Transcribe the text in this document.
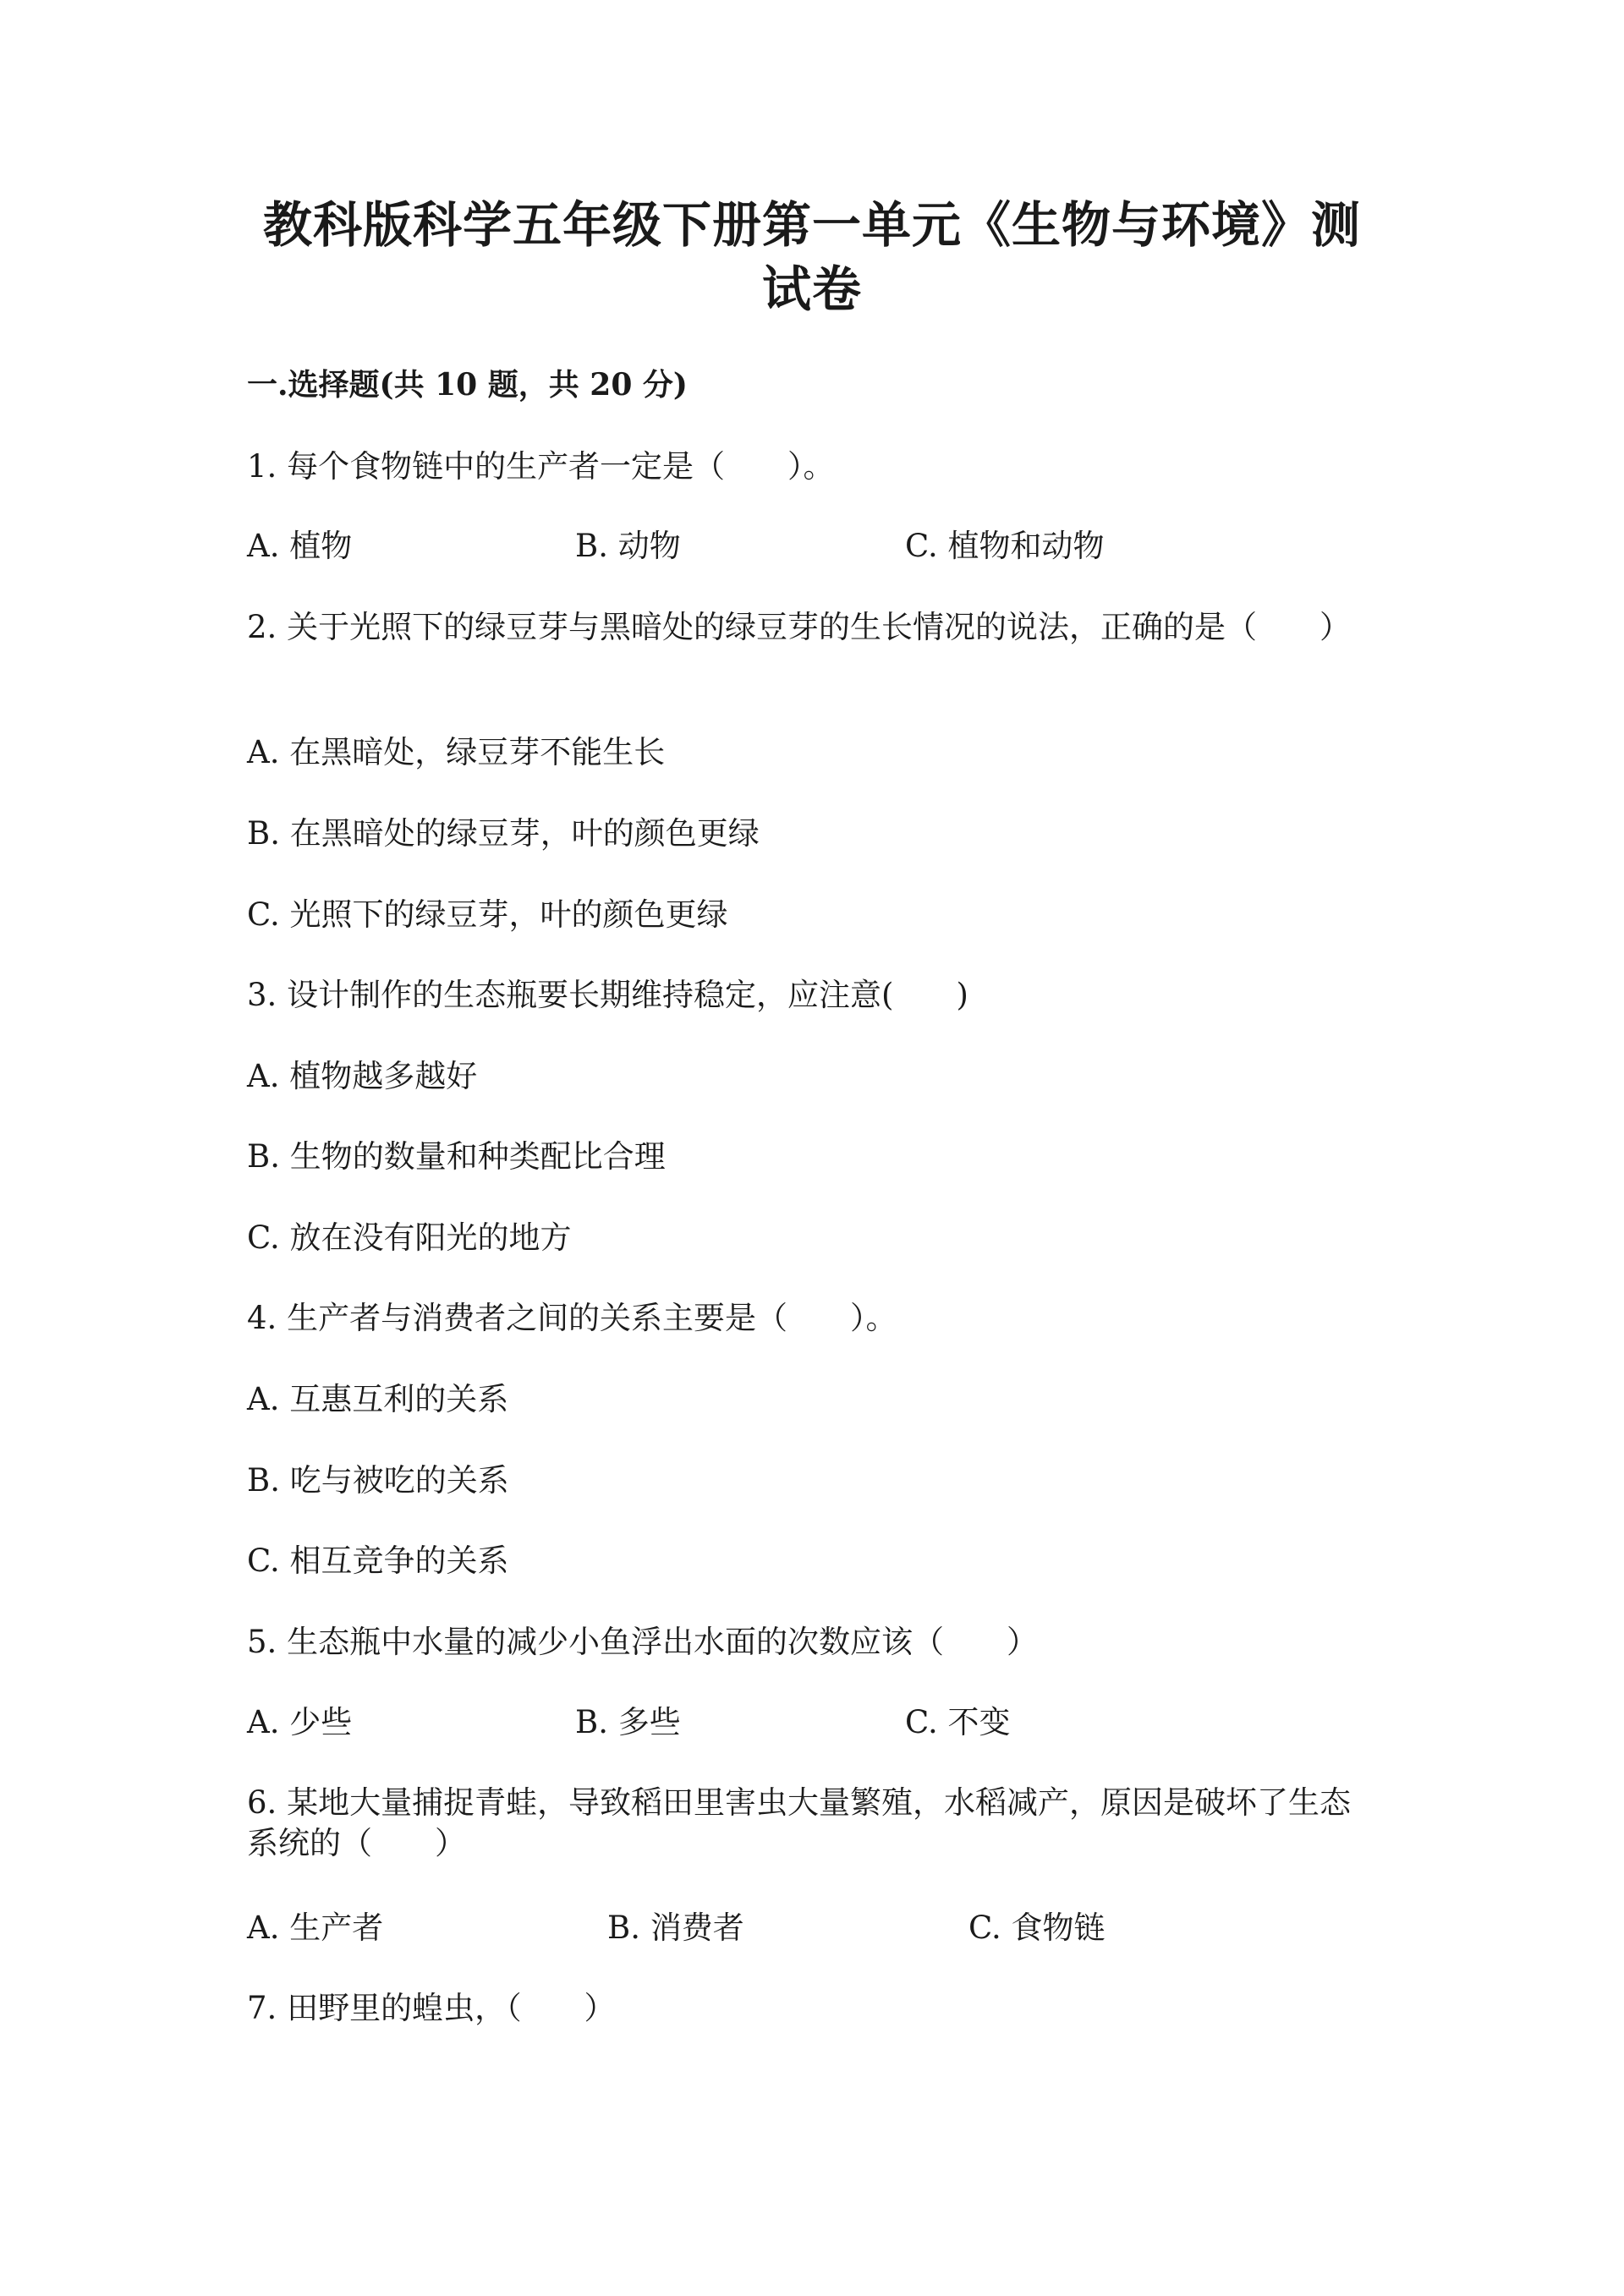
教科版科学五年级下册第一单元《生物与环境》测试卷
一.选择题(共 10 题，共 20 分)
1. 每个食物链中的生产者一定是（　　）。
A. 植物	B. 动物	C. 植物和动物
2. 关于光照下的绿豆芽与黑暗处的绿豆芽的生长情况的说法，正确的是（　　）
A. 在黑暗处，绿豆芽不能生长
B. 在黑暗处的绿豆芽，叶的颜色更绿
C. 光照下的绿豆芽，叶的颜色更绿
3. 设计制作的生态瓶要长期维持稳定，应注意(　　)
A. 植物越多越好
B. 生物的数量和种类配比合理
C. 放在没有阳光的地方
4. 生产者与消费者之间的关系主要是（　　）。
A. 互惠互利的关系
B. 吃与被吃的关系
C. 相互竞争的关系
5. 生态瓶中水量的减少小鱼浮出水面的次数应该（　　）
A. 少些	B. 多些	C. 不变
6. 某地大量捕捉青蛙，导致稻田里害虫大量繁殖，水稻减产，原因是破坏了生态系统的（　　）
A. 生产者	B. 消费者	C. 食物链
7. 田野里的蝗虫，（　　）
